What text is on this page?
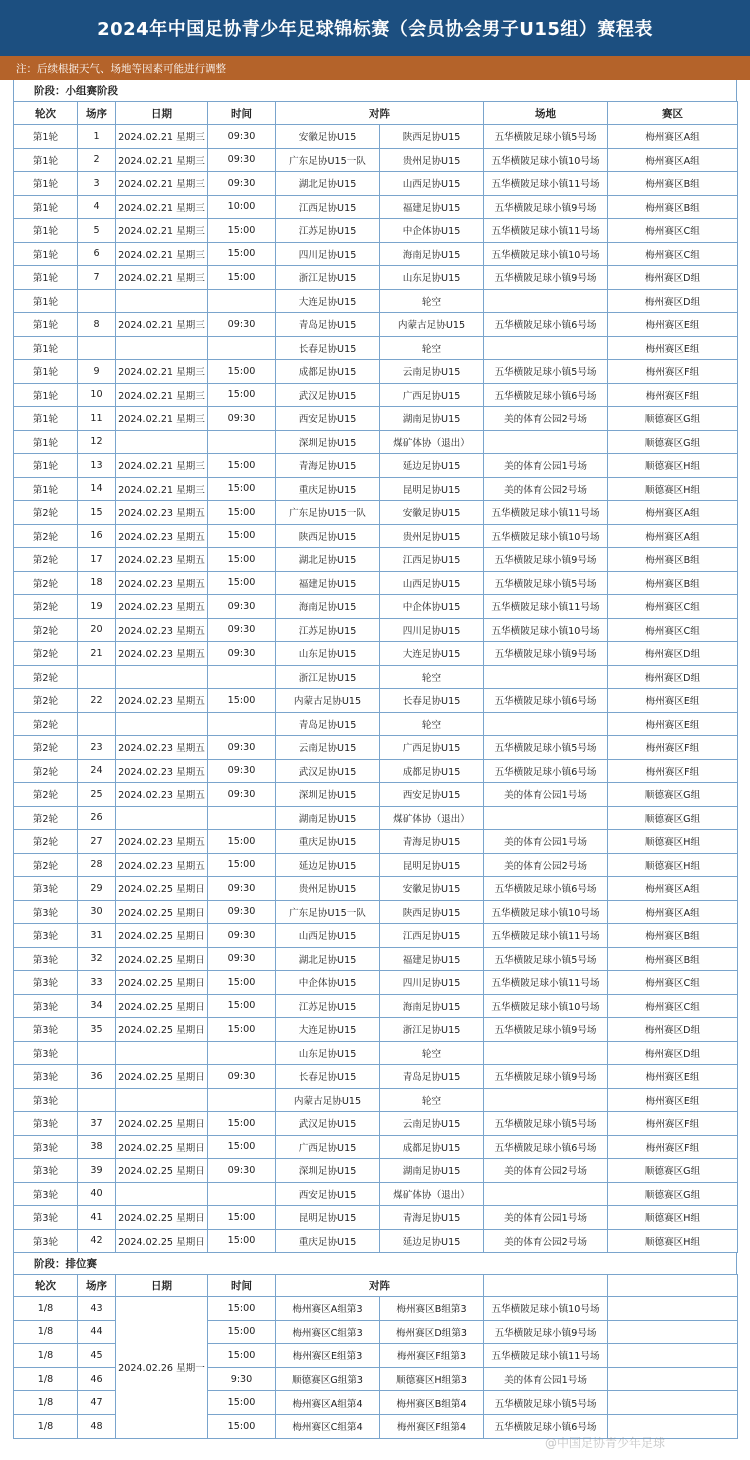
2024年中国足协青少年足球锦标赛（会员协会男子U15组）赛程表
注：后续根据天气、场地等因素可能进行调整
阶段：小组赛阶段
轮次	场序	日期	时间	对阵		场地	赛区
第1轮	1	2024.02.21 星期三	09:30	安徽足协U15	陕西足协U15	五华横陂足球小镇5号场	梅州赛区A组
第1轮	2	2024.02.21 星期三	09:30	广东足协U15一队	贵州足协U15	五华横陂足球小镇10号场	梅州赛区A组
第1轮	3	2024.02.21 星期三	09:30	湖北足协U15	山西足协U15	五华横陂足球小镇11号场	梅州赛区B组
第1轮	4	2024.02.21 星期三	10:00	江西足协U15	福建足协U15	五华横陂足球小镇9号场	梅州赛区B组
第1轮	5	2024.02.21 星期三	15:00	江苏足协U15	中企体协U15	五华横陂足球小镇11号场	梅州赛区C组
第1轮	6	2024.02.21 星期三	15:00	四川足协U15	海南足协U15	五华横陂足球小镇10号场	梅州赛区C组
第1轮	7	2024.02.21 星期三	15:00	浙江足协U15	山东足协U15	五华横陂足球小镇9号场	梅州赛区D组
第1轮				大连足协U15	轮空		梅州赛区D组
第1轮	8	2024.02.21 星期三	09:30	青岛足协U15	内蒙古足协U15	五华横陂足球小镇6号场	梅州赛区E组
第1轮				长春足协U15	轮空		梅州赛区E组
第1轮	9	2024.02.21 星期三	15:00	成都足协U15	云南足协U15	五华横陂足球小镇5号场	梅州赛区F组
第1轮	10	2024.02.21 星期三	15:00	武汉足协U15	广西足协U15	五华横陂足球小镇6号场	梅州赛区F组
第1轮	11	2024.02.21 星期三	09:30	西安足协U15	湖南足协U15	美的体育公园2号场	顺德赛区G组
第1轮	12			深圳足协U15	煤矿体协（退出）		顺德赛区G组
第1轮	13	2024.02.21 星期三	15:00	青海足协U15	延边足协U15	美的体育公园1号场	顺德赛区H组
第1轮	14	2024.02.21 星期三	15:00	重庆足协U15	昆明足协U15	美的体育公园2号场	顺德赛区H组
第2轮	15	2024.02.23 星期五	15:00	广东足协U15一队	安徽足协U15	五华横陂足球小镇11号场	梅州赛区A组
第2轮	16	2024.02.23 星期五	15:00	陕西足协U15	贵州足协U15	五华横陂足球小镇10号场	梅州赛区A组
第2轮	17	2024.02.23 星期五	15:00	湖北足协U15	江西足协U15	五华横陂足球小镇9号场	梅州赛区B组
第2轮	18	2024.02.23 星期五	15:00	福建足协U15	山西足协U15	五华横陂足球小镇5号场	梅州赛区B组
第2轮	19	2024.02.23 星期五	09:30	海南足协U15	中企体协U15	五华横陂足球小镇11号场	梅州赛区C组
第2轮	20	2024.02.23 星期五	09:30	江苏足协U15	四川足协U15	五华横陂足球小镇10号场	梅州赛区C组
第2轮	21	2024.02.23 星期五	09:30	山东足协U15	大连足协U15	五华横陂足球小镇9号场	梅州赛区D组
第2轮				浙江足协U15	轮空		梅州赛区D组
第2轮	22	2024.02.23 星期五	15:00	内蒙古足协U15	长春足协U15	五华横陂足球小镇6号场	梅州赛区E组
第2轮				青岛足协U15	轮空		梅州赛区E组
第2轮	23	2024.02.23 星期五	09:30	云南足协U15	广西足协U15	五华横陂足球小镇5号场	梅州赛区F组
第2轮	24	2024.02.23 星期五	09:30	武汉足协U15	成都足协U15	五华横陂足球小镇6号场	梅州赛区F组
第2轮	25	2024.02.23 星期五	09:30	深圳足协U15	西安足协U15	美的体育公园1号场	顺德赛区G组
第2轮	26			湖南足协U15	煤矿体协（退出）		顺德赛区G组
第2轮	27	2024.02.23 星期五	15:00	重庆足协U15	青海足协U15	美的体育公园1号场	顺德赛区H组
第2轮	28	2024.02.23 星期五	15:00	延边足协U15	昆明足协U15	美的体育公园2号场	顺德赛区H组
第3轮	29	2024.02.25 星期日	09:30	贵州足协U15	安徽足协U15	五华横陂足球小镇6号场	梅州赛区A组
第3轮	30	2024.02.25 星期日	09:30	广东足协U15一队	陕西足协U15	五华横陂足球小镇10号场	梅州赛区A组
第3轮	31	2024.02.25 星期日	09:30	山西足协U15	江西足协U15	五华横陂足球小镇11号场	梅州赛区B组
第3轮	32	2024.02.25 星期日	09:30	湖北足协U15	福建足协U15	五华横陂足球小镇5号场	梅州赛区B组
第3轮	33	2024.02.25 星期日	15:00	中企体协U15	四川足协U15	五华横陂足球小镇11号场	梅州赛区C组
第3轮	34	2024.02.25 星期日	15:00	江苏足协U15	海南足协U15	五华横陂足球小镇10号场	梅州赛区C组
第3轮	35	2024.02.25 星期日	15:00	大连足协U15	浙江足协U15	五华横陂足球小镇9号场	梅州赛区D组
第3轮				山东足协U15	轮空		梅州赛区D组
第3轮	36	2024.02.25 星期日	09:30	长春足协U15	青岛足协U15	五华横陂足球小镇9号场	梅州赛区E组
第3轮				内蒙古足协U15	轮空		梅州赛区E组
第3轮	37	2024.02.25 星期日	15:00	武汉足协U15	云南足协U15	五华横陂足球小镇5号场	梅州赛区F组
第3轮	38	2024.02.25 星期日	15:00	广西足协U15	成都足协U15	五华横陂足球小镇6号场	梅州赛区F组
第3轮	39	2024.02.25 星期日	09:30	深圳足协U15	湖南足协U15	美的体育公园2号场	顺德赛区G组
第3轮	40			西安足协U15	煤矿体协（退出）		顺德赛区G组
第3轮	41	2024.02.25 星期日	15:00	昆明足协U15	青海足协U15	美的体育公园1号场	顺德赛区H组
第3轮	42	2024.02.25 星期日	15:00	重庆足协U15	延边足协U15	美的体育公园2号场	顺德赛区H组
阶段：排位赛
轮次	场序	日期	时间	对阵			
1/8	43	2024.02.26 星期一	15:00	梅州赛区A组第3	梅州赛区B组第3	五华横陂足球小镇10号场	
1/8	44		15:00	梅州赛区C组第3	梅州赛区D组第3	五华横陂足球小镇9号场	
1/8	45		15:00	梅州赛区E组第3	梅州赛区F组第3	五华横陂足球小镇11号场	
1/8	46		9:30	顺德赛区G组第3	顺德赛区H组第3	美的体育公园1号场	
1/8	47		15:00	梅州赛区A组第4	梅州赛区B组第4	五华横陂足球小镇5号场	
1/8	48		15:00	梅州赛区C组第4	梅州赛区F组第4	五华横陂足球小镇6号场	
@中国足协青少年足球
